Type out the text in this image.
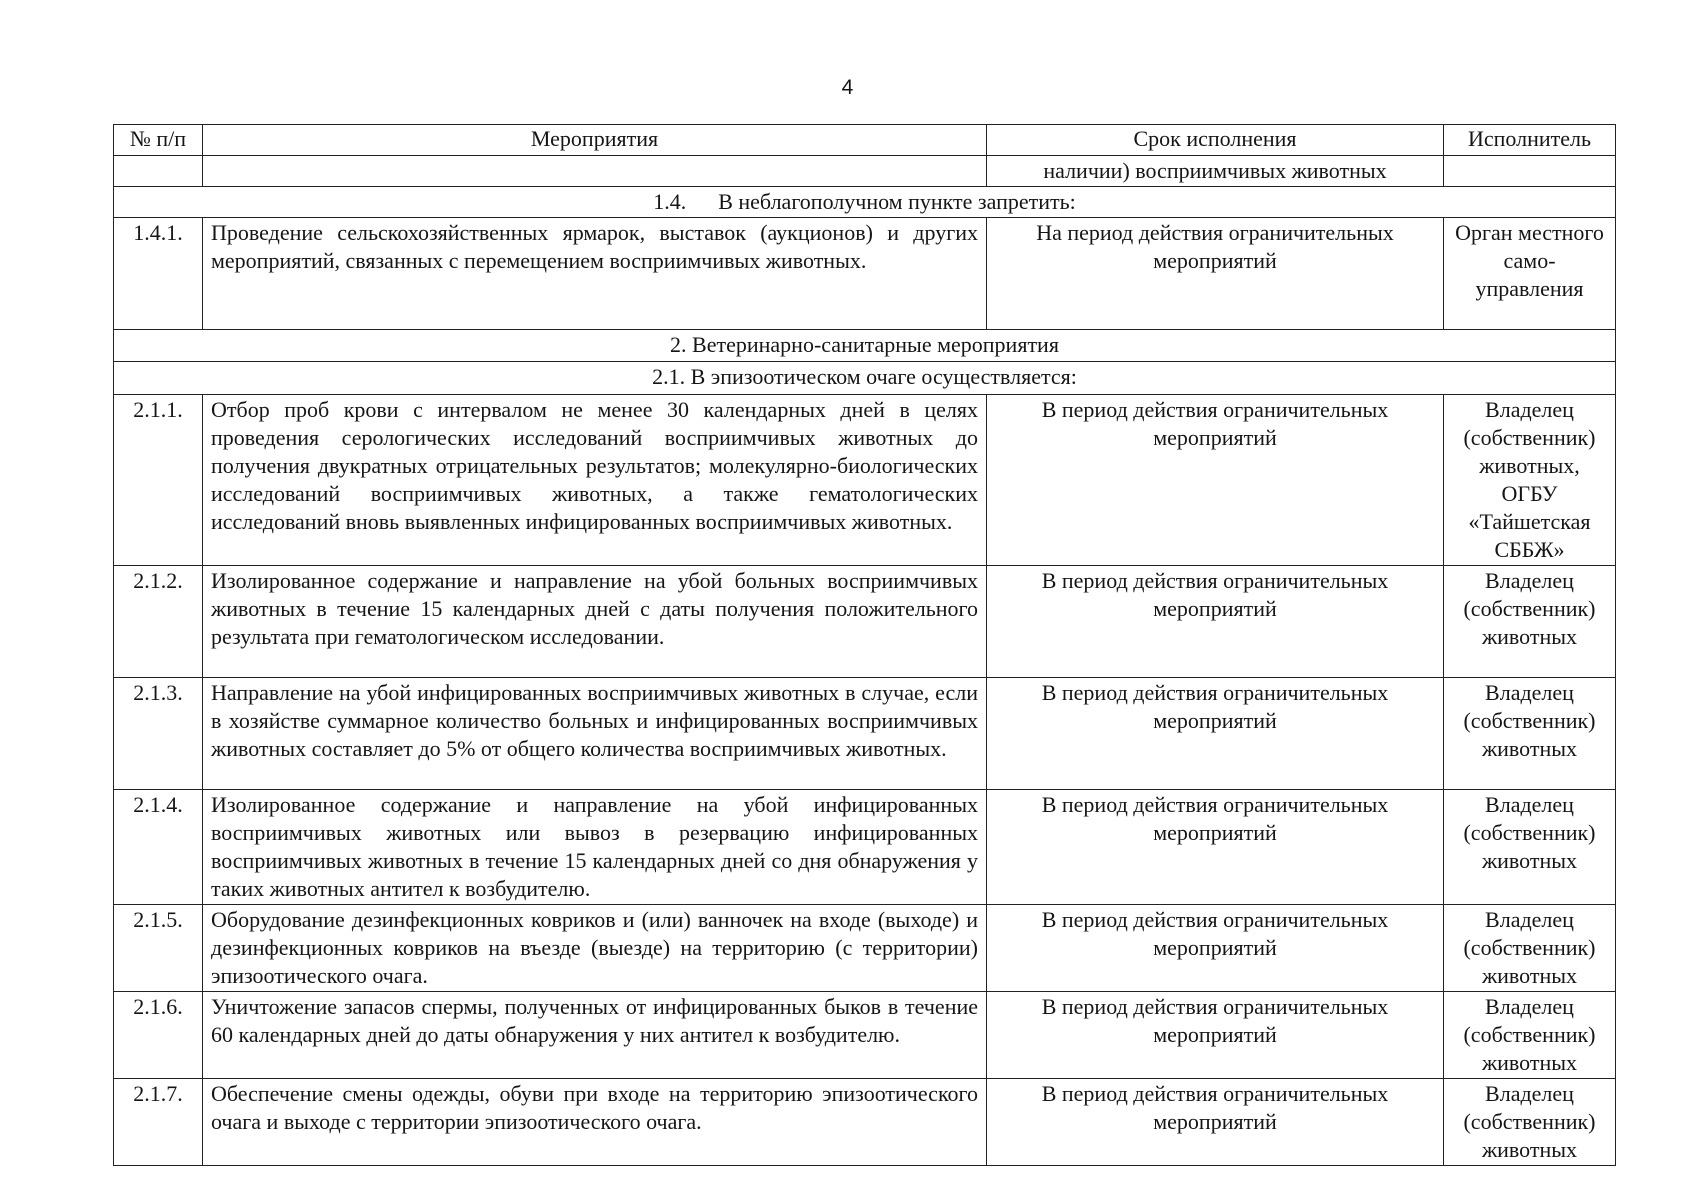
4
№ п/п	Мероприятия	Срок исполнения	Исполнитель
		наличии) восприимчивых животных	
1.4. В неблагополучном пункте запретить:			
1.4.1.	Проведение сельскохозяйственных ярмарок, выставок (аукционов) и других мероприятий, связанных с перемещением восприимчивых животных.	На период действия ограничительных мероприятий	Орган местного само-управления
2. Ветеринарно-санитарные мероприятия			
2.1. В эпизоотическом очаге осуществляется:			
2.1.1.	Отбор проб крови с интервалом не менее 30 календарных дней в целях проведения серологических исследований восприимчивых животных до получения двукратных отрицательных результатов; молекулярно-биологических исследований восприимчивых животных, а также гематологических исследований вновь выявленных инфицированных восприимчивых животных.	В период действия ограничительных мероприятий	Владелец (собственник) животных, ОГБУ «Тайшетская СББЖ»
2.1.2.	Изолированное содержание и направление на убой больных восприимчивых животных в течение 15 календарных дней с даты получения положительного результата при гематологическом исследовании.	В период действия ограничительных мероприятий	Владелец (собственник) животных
2.1.3.	Направление на убой инфицированных восприимчивых животных в случае, если в хозяйстве суммарное количество больных и инфицированных восприимчивых животных составляет до 5% от общего количества восприимчивых животных.	В период действия ограничительных мероприятий	Владелец (собственник) животных
2.1.4.	Изолированное содержание и направление на убой инфицированных восприимчивых животных или вывоз в резервацию инфицированных восприимчивых животных в течение 15 календарных дней со дня обнаружения у таких животных антител к возбудителю.	В период действия ограничительных мероприятий	Владелец (собственник) животных
2.1.5.	Оборудование дезинфекционных ковриков и (или) ванночек на входе (выходе) и дезинфекционных ковриков на въезде (выезде) на территорию (с территории) эпизоотического очага.	В период действия ограничительных мероприятий	Владелец (собственник) животных
2.1.6.	Уничтожение запасов спермы, полученных от инфицированных быков в течение 60 календарных дней до даты обнаружения у них антител к возбудителю.	В период действия ограничительных мероприятий	Владелец (собственник) животных
2.1.7.	Обеспечение смены одежды, обуви при входе на территорию эпизоотического очага и выходе с территории эпизоотического очага.	В период действия ограничительных мероприятий	Владелец (собственник) животных
